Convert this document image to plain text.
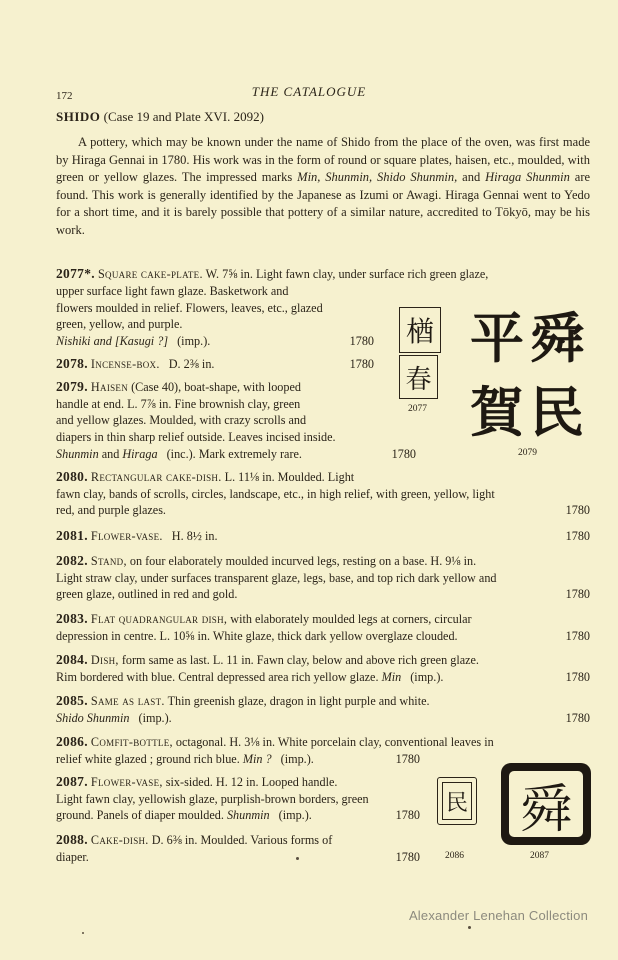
172	THE CATALOGUE
SHIDO (Case 19 and Plate XVI. 2092)

A pottery, which may be known under the name of Shido from the place of the oven, was first made by Hiraga Gennai in 1780. His work was in the form of round or square plates, haisen, etc., moulded, with green or yellow glazes. The impressed marks Min, Shunmin, Shido Shunmin, and Hiraga Shunmin are found. This work is generally identified by the Japanese as Izumi or Awagi. Hiraga Gennai went to Yedo for a short time, and it is barely possible that pottery of a similar nature, accredited to Tōkyō, may be his work.

2077*. Square cake-plate. W. 7⅝ in. Light fawn clay, under surface rich green glaze,

upper surface light fawn glaze. Basketwork and

flowers moulded in relief. Flowers, leaves, etc., glazed

green, yellow, and purple.

Nishiki and [Kasugi ?] (imp.).	1780
2078. Incense-box. D. 2⅜ in.	1780

2079. Haisen (Case 40), boat-shape, with looped

handle at end. L. 7⅞ in. Fine brownish clay, green

and yellow glazes. Moulded, with crazy scrolls and

diapers in thin sharp relief outside. Leaves incised inside.

Shunmin and Hiraga (inc.). Mark extremely rare.	1780
楢
春
2077
平 舜
賀 民
2079

2080. Rectangular cake-dish. L. 11⅛ in. Moulded. Light

fawn clay, bands of scrolls, circles, landscape, etc., in high relief, with green, yellow, light

red, and purple glazes.	1780
2081. Flower-vase. H. 8½ in.	1780

2082. Stand, on four elaborately moulded incurved legs, resting on a base. H. 9⅛ in.

Light straw clay, under surfaces transparent glaze, legs, base, and top rich dark yellow and

green glaze, outlined in red and gold.	1780

2083. Flat quadrangular dish, with elaborately moulded legs at corners, circular

depression in centre. L. 10⅝ in. White glaze, thick dark yellow overglaze clouded.	1780

2084. Dish, form same as last. L. 11 in. Fawn clay, below and above rich green glaze.

Rim bordered with blue. Central depressed area rich yellow glaze. Min (imp.).	1780

2085. Same as last. Thin greenish glaze, dragon in light purple and white.

Shido Shunmin (imp.).	1780

2086. Comfit-bottle, octagonal. H. 3⅛ in. White porcelain clay, conventional leaves in

relief white glazed ; ground rich blue. Min ? (imp.).	1780

2087. Flower-vase, six-sided. H. 12 in. Looped handle.

Light fawn clay, yellowish glaze, purplish-brown borders, green

ground. Panels of diaper moulded. Shunmin (imp.).	1780

2088. Cake-dish. D. 6⅜ in. Moulded. Various forms of

diaper.	1780
民
2086
舜
2087
Alexander Lenehan Collection
